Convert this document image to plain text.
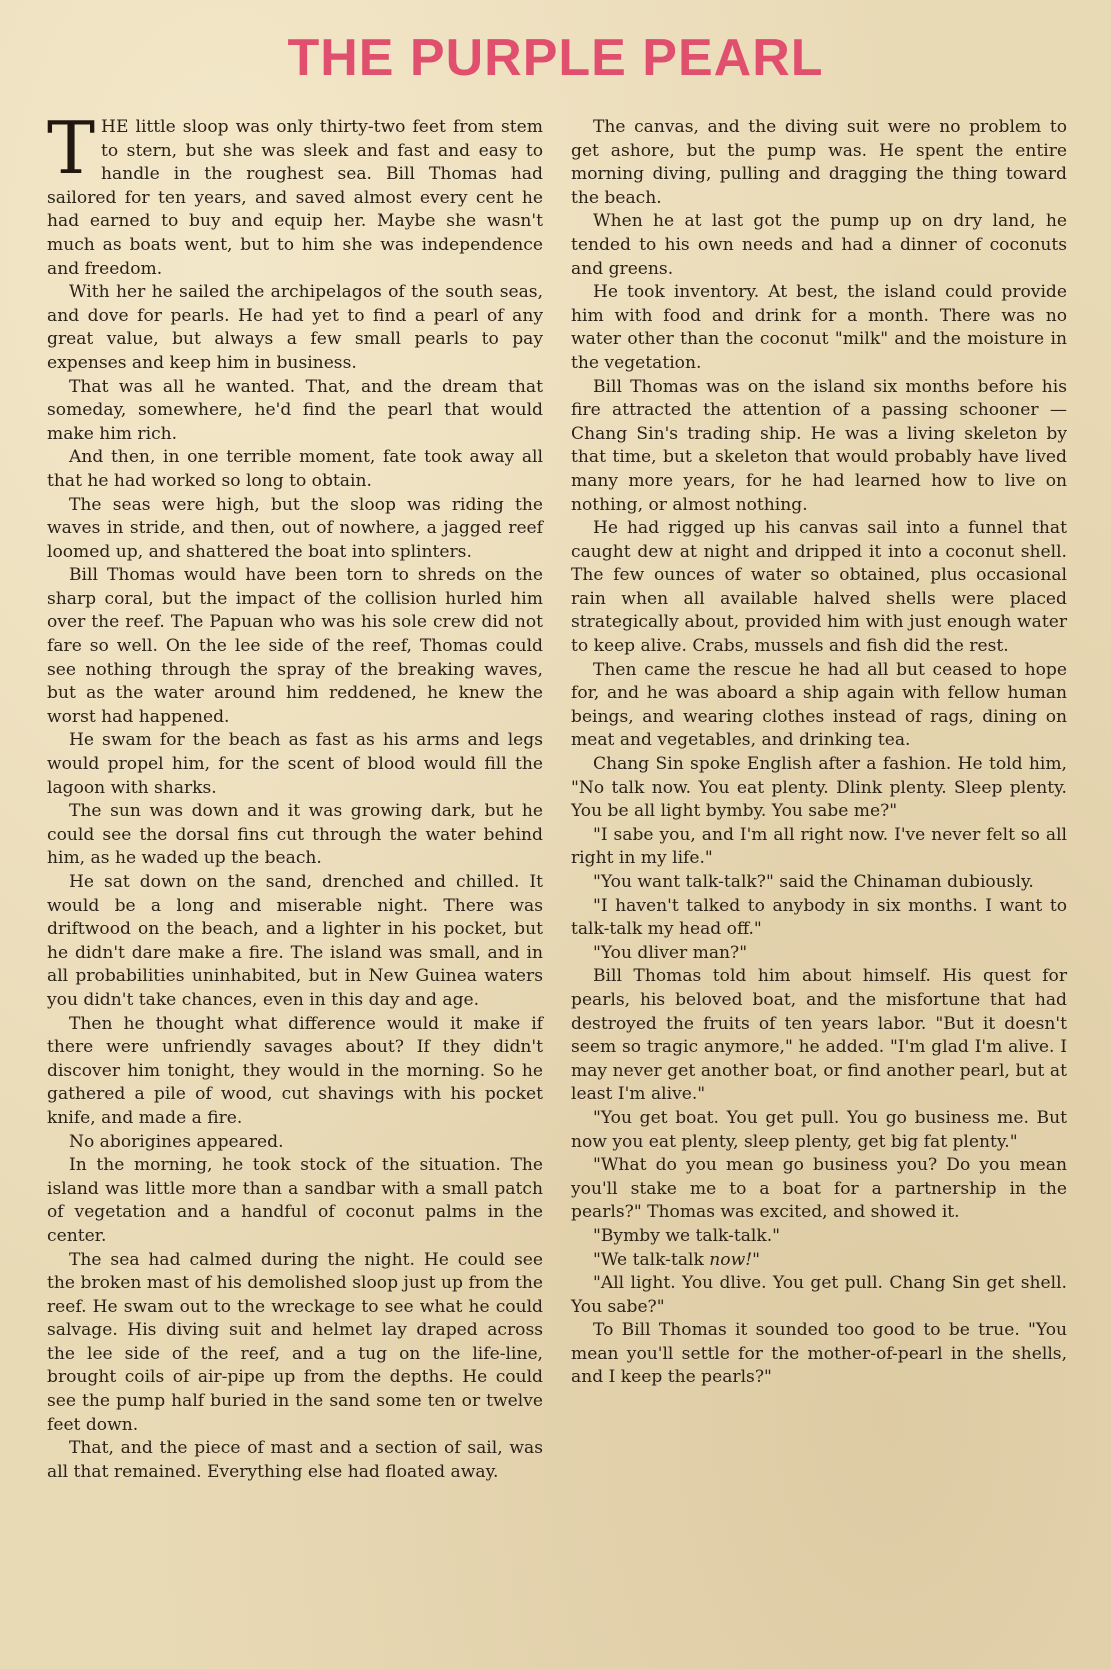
THE PURPLE PEARL

THE little sloop was only thirty-two feet from stem to stern, but she was sleek and fast and easy to handle in the roughest sea. Bill Thomas had sailored for ten years, and saved almost every cent he had earned to buy and equip her. Maybe she wasn't much as boats went, but to him she was independence and freedom.

With her he sailed the archipelagos of the south seas, and dove for pearls. He had yet to find a pearl of any great value, but always a few small pearls to pay expenses and keep him in business.

That was all he wanted. That, and the dream that someday, somewhere, he'd find the pearl that would make him rich.

And then, in one terrible moment, fate took away all that he had worked so long to obtain.

The seas were high, but the sloop was riding the waves in stride, and then, out of nowhere, a jagged reef loomed up, and shattered the boat into splinters.

Bill Thomas would have been torn to shreds on the sharp coral, but the impact of the collision hurled him over the reef. The Papuan who was his sole crew did not fare so well. On the lee side of the reef, Thomas could see nothing through the spray of the breaking waves, but as the water around him reddened, he knew the worst had happened.

He swam for the beach as fast as his arms and legs would propel him, for the scent of blood would fill the lagoon with sharks.

The sun was down and it was growing dark, but he could see the dorsal fins cut through the water behind him, as he waded up the beach.

He sat down on the sand, drenched and chilled. It would be a long and miserable night. There was driftwood on the beach, and a lighter in his pocket, but he didn't dare make a fire. The island was small, and in all probabilities uninhabited, but in New Guinea waters you didn't take chances, even in this day and age.

Then he thought what difference would it make if there were unfriendly savages about? If they didn't discover him tonight, they would in the morning. So he gathered a pile of wood, cut shavings with his pocket knife, and made a fire.

No aborigines appeared.

In the morning, he took stock of the situation. The island was little more than a sandbar with a small patch of vegetation and a handful of coconut palms in the center.

The sea had calmed during the night. He could see the broken mast of his demolished sloop just up from the reef. He swam out to the wreckage to see what he could salvage. His diving suit and helmet lay draped across the lee side of the reef, and a tug on the life-line, brought coils of air-pipe up from the depths. He could see the pump half buried in the sand some ten or twelve feet down.

That, and the piece of mast and a section of sail, was all that remained. Everything else had floated away.

The canvas, and the diving suit were no problem to get ashore, but the pump was. He spent the entire morning diving, pulling and dragging the thing toward the beach.

When he at last got the pump up on dry land, he tended to his own needs and had a dinner of coconuts and greens.

He took inventory. At best, the island could provide him with food and drink for a month. There was no water other than the coconut "milk" and the moisture in the vegetation.

Bill Thomas was on the island six months before his fire attracted the attention of a passing schooner —Chang Sin's trading ship. He was a living skeleton by that time, but a skeleton that would probably have lived many more years, for he had learned how to live on nothing, or almost nothing.

He had rigged up his canvas sail into a funnel that caught dew at night and dripped it into a coconut shell. The few ounces of water so obtained, plus occasional rain when all available halved shells were placed strategically about, provided him with just enough water to keep alive. Crabs, mussels and fish did the rest.

Then came the rescue he had all but ceased to hope for, and he was aboard a ship again with fellow human beings, and wearing clothes instead of rags, dining on meat and vegetables, and drinking tea.

Chang Sin spoke English after a fashion. He told him, "No talk now. You eat plenty. Dlink plenty. Sleep plenty. You be all light bymby. You sabe me?"

"I sabe you, and I'm all right now. I've never felt so all right in my life."

"You want talk-talk?" said the Chinaman dubiously.

"I haven't talked to anybody in six months. I want to talk-talk my head off."

"You dliver man?"

Bill Thomas told him about himself. His quest for pearls, his beloved boat, and the misfortune that had destroyed the fruits of ten years labor. "But it doesn't seem so tragic anymore," he added. "I'm glad I'm alive. I may never get another boat, or find another pearl, but at least I'm alive."

"You get boat. You get pull. You go business me. But now you eat plenty, sleep plenty, get big fat plenty."

"What do you mean go business you? Do you mean you'll stake me to a boat for a partnership in the pearls?" Thomas was excited, and showed it.

"Bymby we talk-talk."

"We talk-talk now!"

"All light. You dlive. You get pull. Chang Sin get shell. You sabe?"

To Bill Thomas it sounded too good to be true. "You mean you'll settle for the mother-of-pearl in the shells, and I keep the pearls?"
